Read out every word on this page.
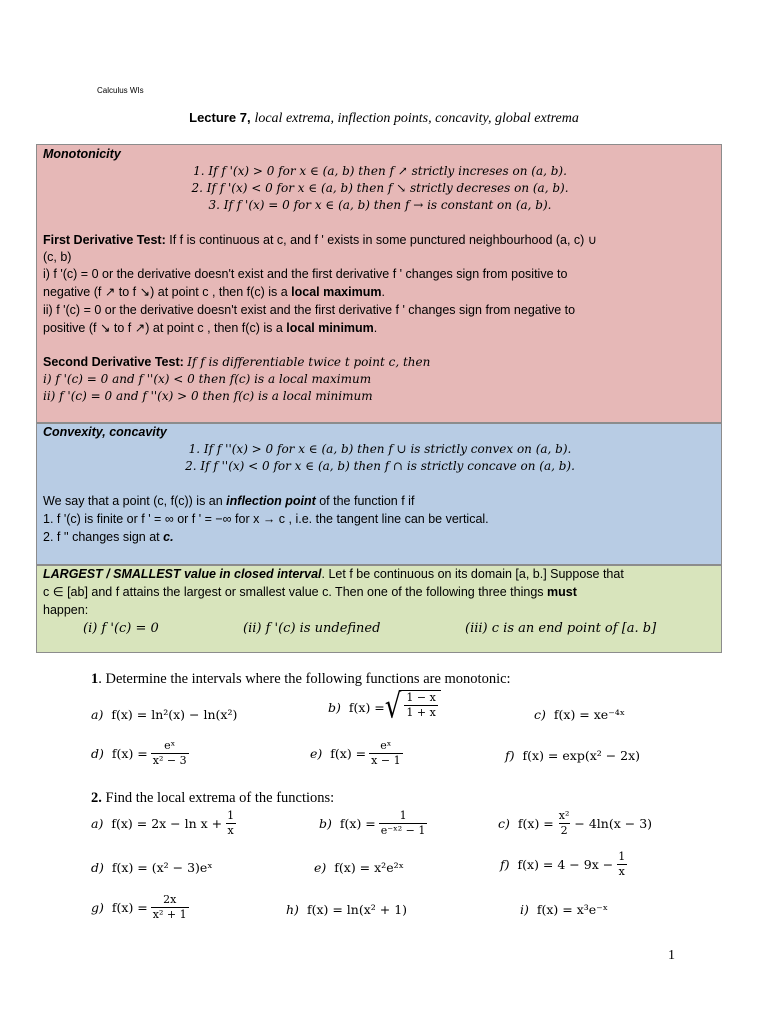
Calculus WIs
Lecture 7, local extrema, inflection points, concavity, global extrema
Monotonicity
1. If f '(x) > 0 for x ∈ (a, b) then f ↗ strictly increses on (a, b).
2. If f '(x) < 0 for x ∈ (a, b) then f ↘ strictly decreses on (a, b).
3. If f '(x) = 0 for x ∈ (a, b) then f → is constant on (a, b).
First Derivative Test: If f is continuous at c, and f ' exists in some punctured neighbourhood (a, c) ∪
(c, b)
i) f '(c) = 0 or the derivative doesn't exist and the first derivative f ' changes sign from positive to
negative (f ↗ to f ↘) at point c , then f(c) is a local maximum.
ii) f '(c) = 0 or the derivative doesn't exist and the first derivative f ' changes sign from negative to
positive (f ↘ to f ↗) at point c , then f(c) is a local minimum.
Second Derivative Test: If f is differentiable twice t point c, then
i) f '(c) = 0 and f ''(x) < 0 then f(c) is a local maximum
ii) f '(c) = 0 and f ''(x) > 0 then f(c) is a local minimum
Convexity, concavity
1. If f ''(x) > 0 for x ∈ (a, b) then f ∪ is strictly convex on (a, b).
2. If f ''(x) < 0 for x ∈ (a, b) then f ∩ is strictly concave on (a, b).
We say that a point (c, f(c)) is an inflection point of the function f if
1. f '(c) is finite or f ' = ∞ or f ' = −∞ for x → c , i.e. the tangent line can be vertical.
2. f '' changes sign at c.
LARGEST / SMALLEST value in closed interval. Let f be continuous on its domain [a, b.] Suppose that
c ∈ [ab] and f attains the largest or smallest value c. Then one of the following three things must
happen:
(i) f '(c) = 0	(ii) f '(c) is undefined	(iii) c is an end point of [a. b]
1. Determine the intervals where the following functions are monotonic:
a) f(x) = ln²(x) − ln(x²)	b) f(x) = √ $\frac{1 - x}{1 + x}$	c) f(x) = xe⁻⁴ˣ
d) $f(x) = \frac{\text{eˣ}}{\text{x² − 3}}$	e) $f(x) = \frac{\text{eˣ}}{x - 1}$	f) f(x) = exp(x² − 2x)
2. Find the local extrema of the functions:
a) $f(x) = 2x - \ln x + \frac{1}{x}$	b) $f(x) = \frac{1}{\text{e⁻ˣ² − 1}}$	c) $f(x) = \frac{\text{x²}}{2} - 4\ln(x - 3)$
d) f(x) = (x² − 3)eˣ	e) f(x) = x²e²ˣ	f) $f(x) = 4 - 9x - \frac{1}{x}$
g) $f(x) = \frac{2x}{\text{x² + 1}}$	h) f(x) = ln(x² + 1)	i) f(x) = x³e⁻ˣ
1
